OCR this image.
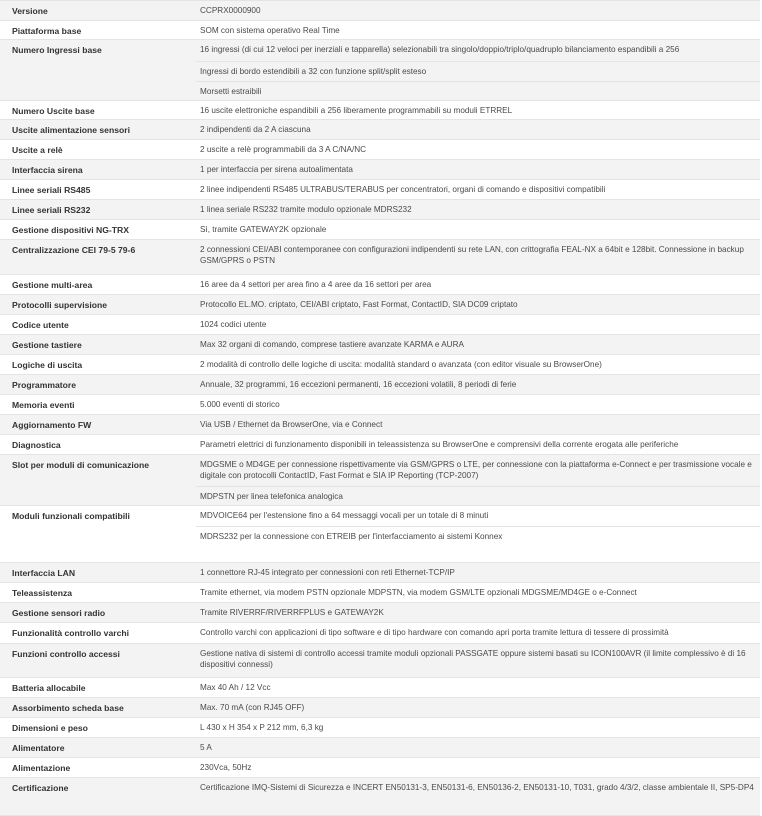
Versione	CCPRX0000900
Piattaforma base	SOM con sistema operativo Real Time
Numero Ingressi base	16 ingressi (di cui 12 veloci per inerziali e tapparella) selezionabili tra singolo/doppio/triplo/quadruplo bilanciamento espandibili a 256
Ingressi di bordo estendibili a 32 con funzione split/split esteso
Morsetti estraibili
Numero Uscite base	16 uscite elettroniche espandibili a 256 liberamente programmabili su moduli ETRREL
Uscite alimentazione sensori	2 indipendenti da 2 A ciascuna
Uscite a relè	2 uscite a relè programmabili da 3 A C/NA/NC
Interfaccia sirena	1 per interfaccia per sirena autoalimentata
Linee seriali RS485	2 linee indipendenti RS485 ULTRABUS/TERABUS per concentratori, organi di comando e dispositivi compatibili
Linee seriali RS232	1 linea seriale RS232 tramite modulo opzionale MDRS232
Gestione dispositivi NG-TRX	Sì, tramite GATEWAY2K opzionale
Centralizzazione CEI 79-5 79-6	2 connessioni CEI/ABI contemporanee con configurazioni indipendenti su rete LAN, con crittografia FEAL-NX a 64bit e 128bit. Connessione in backup GSM/GPRS o PSTN
Gestione multi-area	16 aree da 4 settori per area fino a 4 aree da 16 settori per area
Protocolli supervisione	Protocollo EL.MO. criptato, CEI/ABI criptato, Fast Format, ContactID, SIA DC09 criptato
Codice utente	1024 codici utente
Gestione tastiere	Max 32 organi di comando, comprese tastiere avanzate KARMA e AURA
Logiche di uscita	2 modalità di controllo delle logiche di uscita: modalità standard o avanzata (con editor visuale su BrowserOne)
Programmatore	Annuale, 32 programmi, 16 eccezioni permanenti, 16 eccezioni volatili, 8 periodi di ferie
Memoria eventi	5.000 eventi di storico
Aggiornamento FW	Via USB / Ethernet da BrowserOne, via e Connect
Diagnostica	Parametri elettrici di funzionamento disponibili in teleassistenza su BrowserOne e comprensivi della corrente erogata alle periferiche
Slot per moduli di comunicazione	MDGSME o MD4GE per connessione rispettivamente via GSM/GPRS o LTE, per connessione con la piattaforma e-Connect e per trasmissione vocale e digitale con protocolli ContactID, Fast Format e SIA IP Reporting (TCP-2007)
MDPSTN per linea telefonica analogica
Moduli funzionali compatibili	MDVOICE64 per l'estensione fino a 64 messaggi vocali per un totale di 8 minuti
MDRS232 per la connessione con ETREIB per l'interfacciamento ai sistemi Konnex
Interfaccia LAN	1 connettore RJ-45 integrato per connessioni con reti Ethernet-TCP/IP
Teleassistenza	Tramite ethernet, via modem PSTN opzionale MDPSTN, via modem GSM/LTE opzionali MDGSME/MD4GE o e-Connect
Gestione sensori radio	Tramite RIVERRF/RIVERRFPLUS e GATEWAY2K
Funzionalità controllo varchi	Controllo varchi con applicazioni di tipo software e di tipo hardware con comando apri porta tramite lettura di tessere di prossimità
Funzioni controllo accessi	Gestione nativa di sistemi di controllo accessi tramite moduli opzionali PASSGATE oppure sistemi basati su ICON100AVR (il limite complessivo è di 16 dispositivi connessi)
Batteria allocabile	Max 40 Ah / 12 Vcc
Assorbimento scheda base	Max. 70 mA (con RJ45 OFF)
Dimensioni e peso	L 430 x H 354 x P 212 mm, 6,3 kg
Alimentatore	5 A
Alimentazione	230Vca, 50Hz
Certificazione	Certificazione IMQ-Sistemi di Sicurezza e INCERT EN50131-3, EN50131-6, EN50136-2, EN50131-10, T031, grado 4/3/2, classe ambientale II, SP5-DP4
